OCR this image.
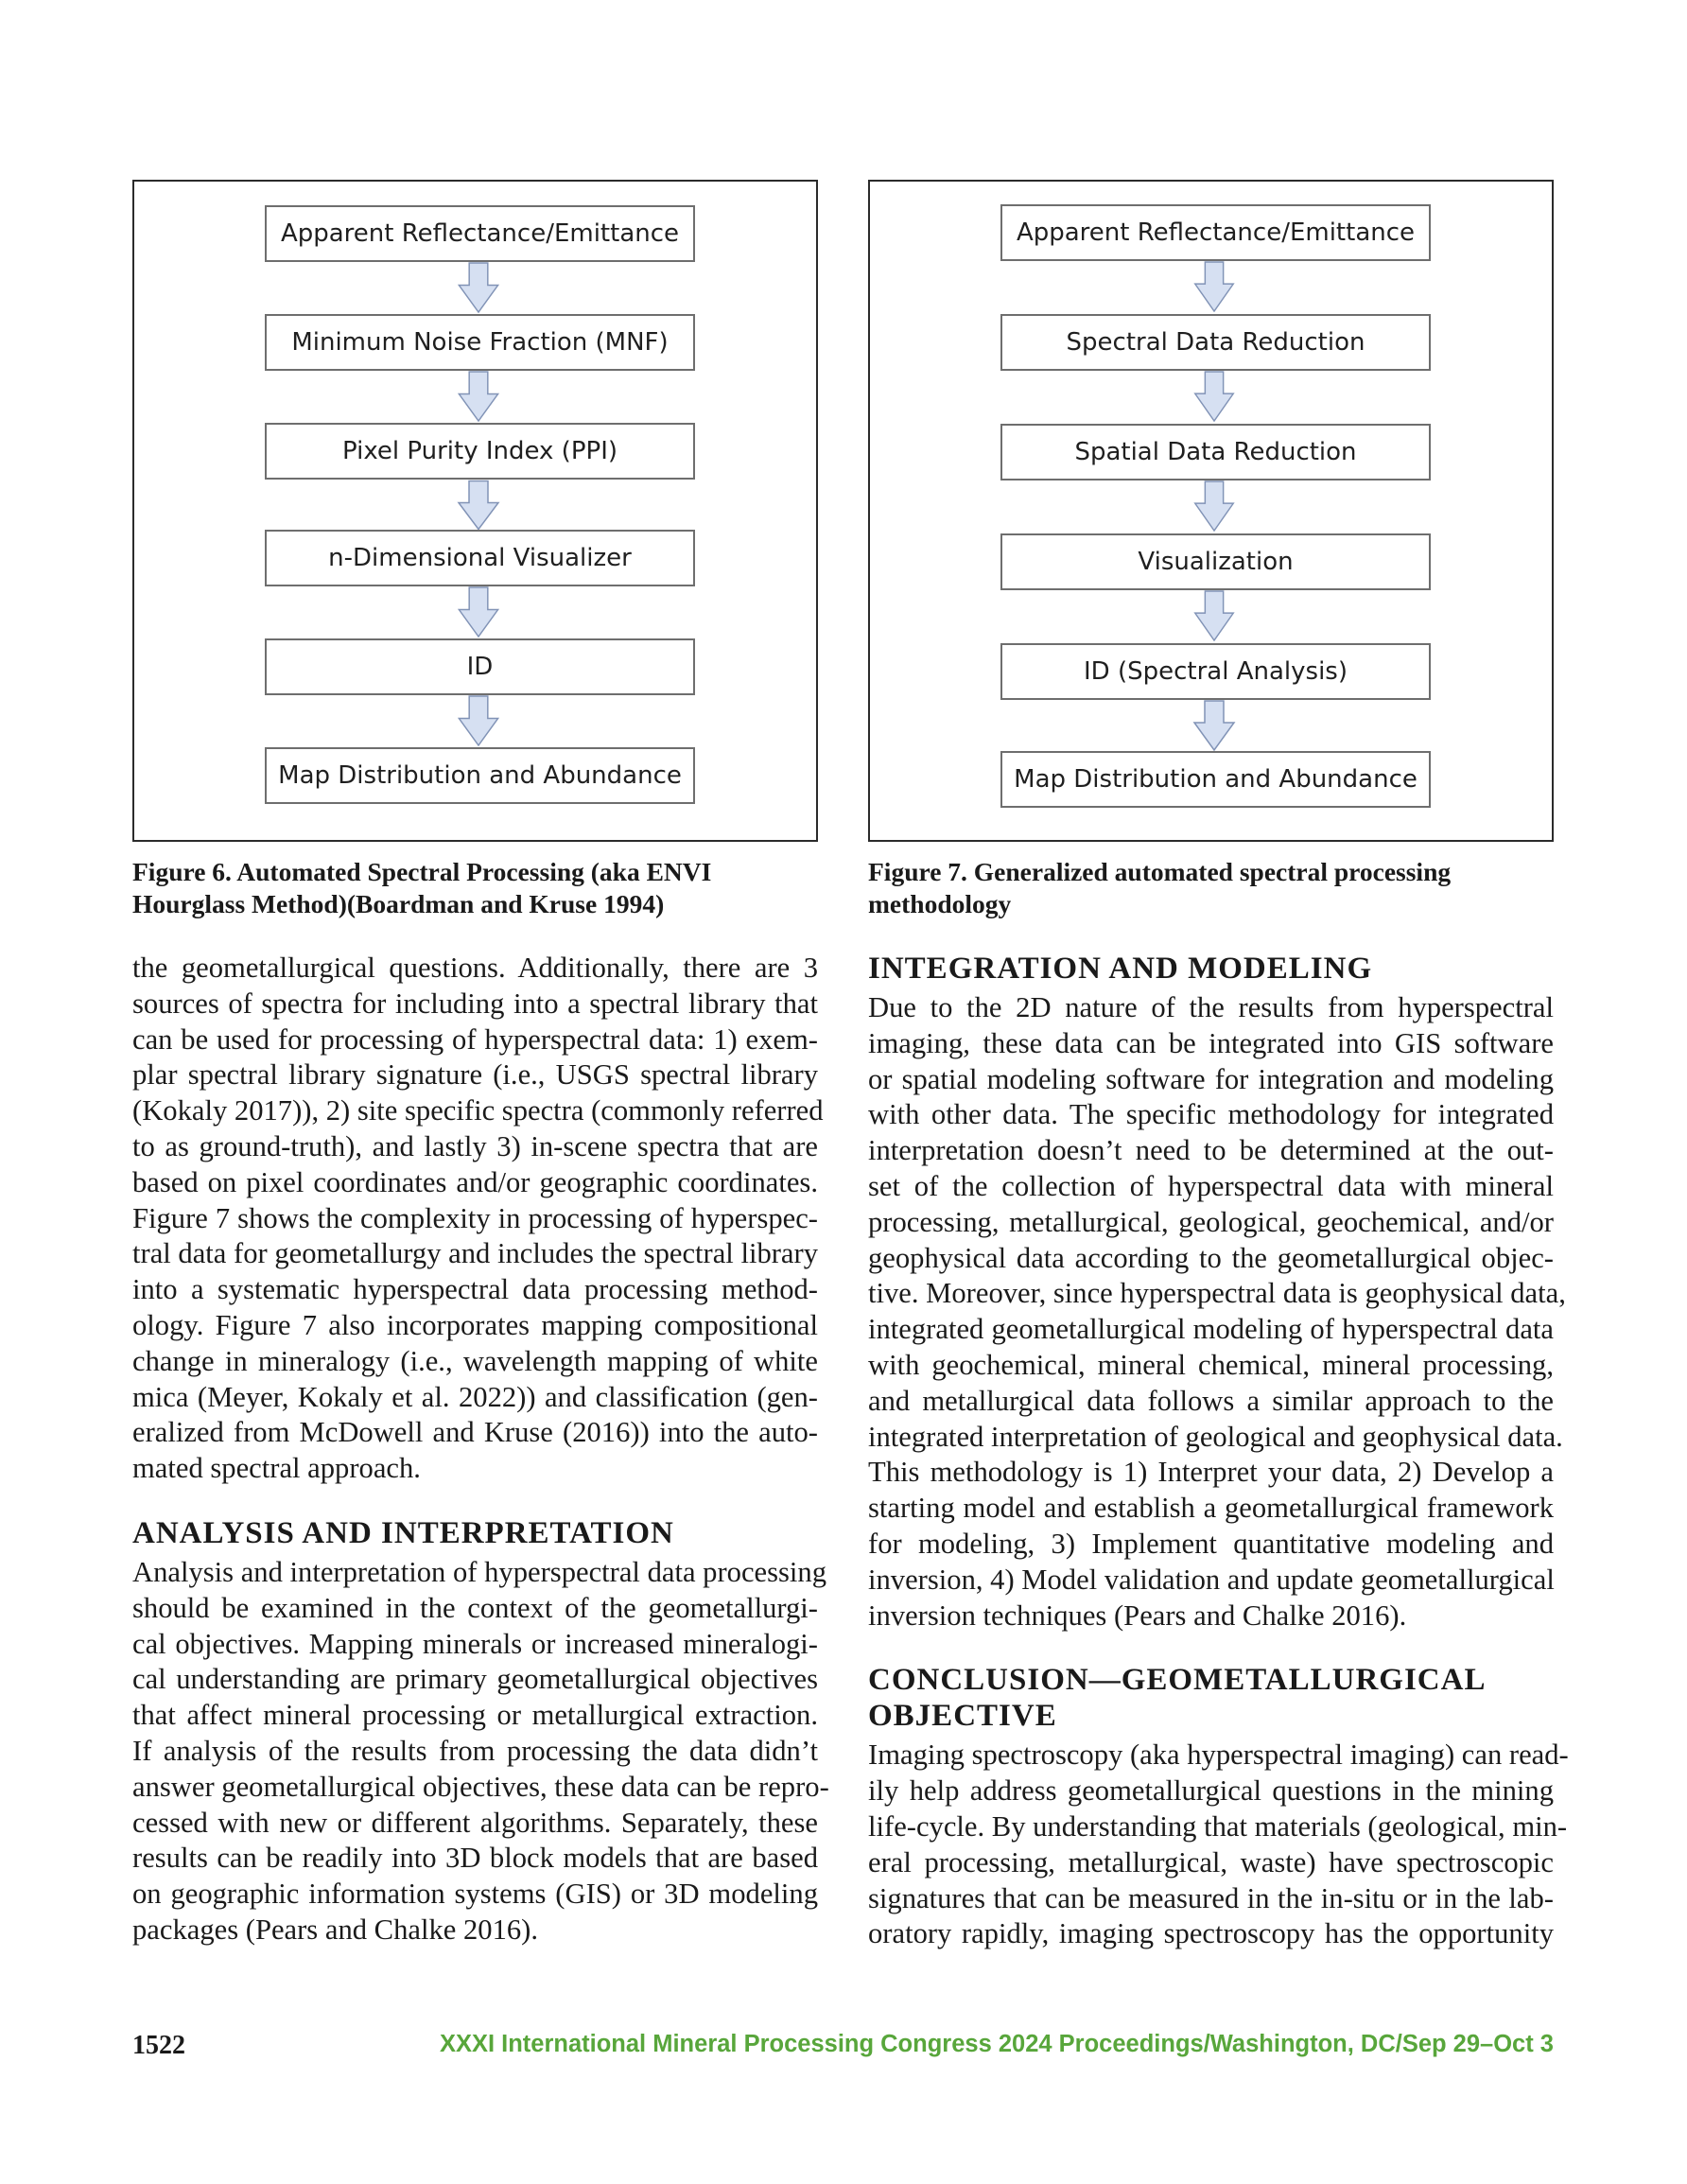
Apparent Reflectance/Emittance
Minimum Noise Fraction (MNF)
Pixel Purity Index (PPI)
n-Dimensional Visualizer
ID
Map Distribution and Abundance
Apparent Reflectance/Emittance
Spectral Data Reduction
Spatial Data Reduction
Visualization
ID (Spectral Analysis)
Map Distribution and Abundance
Figure 6. Automated Spectral Processing (aka ENVI
Hourglass Method)(Boardman and Kruse 1994)
Figure 7. Generalized automated spectral processing
methodology
the geometallurgical questions. Additionally, there are 3
sources of spectra for including into a spectral library that
can be used for processing of hyperspectral data: 1) exem-
plar spectral library signature (i.e., USGS spectral library
(Kokaly 2017)), 2) site specific spectra (commonly referred
to as ground-truth), and lastly 3) in-scene spectra that are
based on pixel coordinates and/or geographic coordinates.
Figure 7 shows the complexity in processing of hyperspec-
tral data for geometallurgy and includes the spectral library
into a systematic hyperspectral data processing method-
ology. Figure 7 also incorporates mapping compositional
change in mineralogy (i.e., wavelength mapping of white
mica (Meyer, Kokaly et al. 2022)) and classification (gen-
eralized from McDowell and Kruse (2016)) into the auto-
mated spectral approach.
ANALYSIS AND INTERPRETATION
Analysis and interpretation of hyperspectral data processing
should be examined in the context of the geometallurgi-
cal objectives. Mapping minerals or increased mineralogi-
cal understanding are primary geometallurgical objectives
that affect mineral processing or metallurgical extraction.
If analysis of the results from processing the data didn’t
answer geometallurgical objectives, these data can be repro-
cessed with new or different algorithms. Separately, these
results can be readily into 3D block models that are based
on geographic information systems (GIS) or 3D modeling
packages (Pears and Chalke 2016).
INTEGRATION AND MODELING
Due to the 2D nature of the results from hyperspectral
imaging, these data can be integrated into GIS software
or spatial modeling software for integration and modeling
with other data. The specific methodology for integrated
interpretation doesn’t need to be determined at the out-
set of the collection of hyperspectral data with mineral
processing, metallurgical, geological, geochemical, and/or
geophysical data according to the geometallurgical objec-
tive. Moreover, since hyperspectral data is geophysical data,
integrated geometallurgical modeling of hyperspectral data
with geochemical, mineral chemical, mineral processing,
and metallurgical data follows a similar approach to the
integrated interpretation of geological and geophysical data.
This methodology is 1) Interpret your data, 2) Develop a
starting model and establish a geometallurgical framework
for modeling, 3) Implement quantitative modeling and
inversion, 4) Model validation and update geometallurgical
inversion techniques (Pears and Chalke 2016).
CONCLUSION—GEOMETALLURGICAL
OBJECTIVE
Imaging spectroscopy (aka hyperspectral imaging) can read-
ily help address geometallurgical questions in the mining
life-cycle. By understanding that materials (geological, min-
eral processing, metallurgical, waste) have spectroscopic
signatures that can be measured in the in-situ or in the lab-
oratory rapidly, imaging spectroscopy has the opportunity
1522	XXXI International Mineral Processing Congress 2024 Proceedings/Washington, DC/Sep 29–Oct 3
